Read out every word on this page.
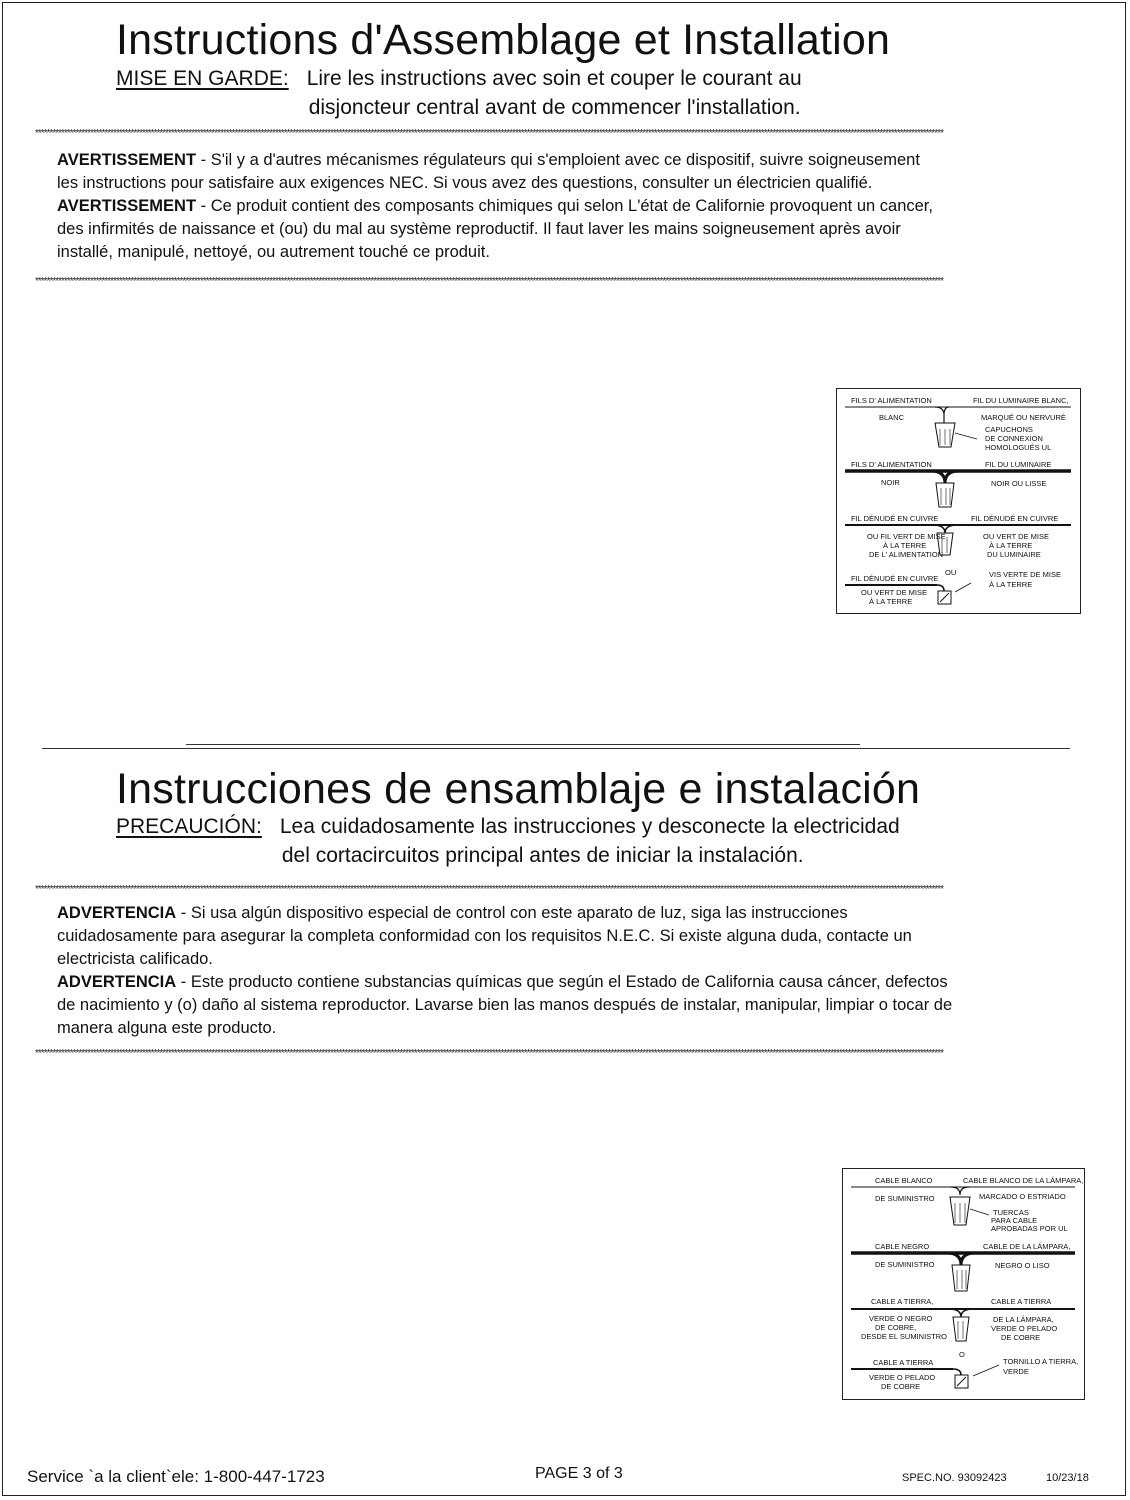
Instructions d'Assemblage et Installation
MISE EN GARDE: Lire les instructions avec soin et couper le courant au
disjoncteur central avant de commencer l'installation.
**************************************************************************************************************************************************************************************************************************************************************************************************************************

AVERTISSEMENT - S'il y a d'autres mécanismes régulateurs qui s'emploient avec ce dispositif, suivre soigneusement

les instructions pour satisfaire aux exigences NEC. Si vous avez des questions, consulter un électricien qualifié.

AVERTISSEMENT - Ce produit contient des composants chimiques qui selon L'état de Californie provoquent un cancer,

des infirmités de naissance et (ou) du mal au système reproductif. Il faut laver les mains soigneusement après avoir

installé, manipulé, nettoyé, ou autrement touché ce produit.

**************************************************************************************************************************************************************************************************************************************************************************************************************************
FILS D' ALIMENTATION	FIL DU LUMINAIRE BLANC,
BLANC	MARQUÉ OU NERVURÉ
CAPUCHONS
DE CONNEXION
HOMOLOGUÉS UL
FILS D' ALIMENTATION	FIL DU LUMINAIRE
NOIR	NOIR OU LISSE
FIL DÉNUDÉ EN CUIVRE	FIL DÉNUDÉ EN CUIVRE
OU FIL VERT DE MISE
À LA TERRE
DE L' ALIMENTATION
OU VERT DE MISE
À LA TERRE
DU LUMINAIRE
OU	VIS VERTE DE MISE
À LA TERRE
FIL DÉNUDÉ EN CUIVRE
OU VERT DE MISE
À LA TERRE
Instrucciones de ensamblaje e instalación
PRECAUCIÓN: Lea cuidadosamente las instrucciones y desconecte la electricidad
del cortacircuitos principal antes de iniciar la instalación.
**************************************************************************************************************************************************************************************************************************************************************************************************************************

ADVERTENCIA - Si usa algún dispositivo especial de control con este aparato de luz, siga las instrucciones

cuidadosamente para asegurar la completa conformidad con los requisitos N.E.C. Si existe alguna duda, contacte un

electricista calificado.

ADVERTENCIA - Este producto contiene substancias químicas que según el Estado de California causa cáncer, defectos

de nacimiento y (o) daño al sistema reproductor. Lavarse bien las manos después de instalar, manipular, limpiar o tocar de

manera alguna este producto.

**************************************************************************************************************************************************************************************************************************************************************************************************************************
CABLE BLANCO	CABLE BLANCO DE LA LÁMPARA,
DE SUMINISTRO	MARCADO O ESTRIADO
TUERCAS
PARA CABLE
APROBADAS POR UL
CABLE NEGRO	CABLE DE LA LÁMPARA,
DE SUMINISTRO	NEGRO O LISO
CABLE A TIERRA,	CABLE A TIERRA
VERDE O NEGRO
DE COBRE,
DESDE EL SUMINISTRO
DE LA LÁMPARA,
VERDE O PELADO
DE COBRE
O
TORNILLO A TIERRA,
VERDE
CABLE A TIERRA
VERDE O PELADO
DE COBRE
Service `a la client`ele: 1-800-447-1723	PAGE 3 of 3	SPEC.NO. 93092423	10/23/18
